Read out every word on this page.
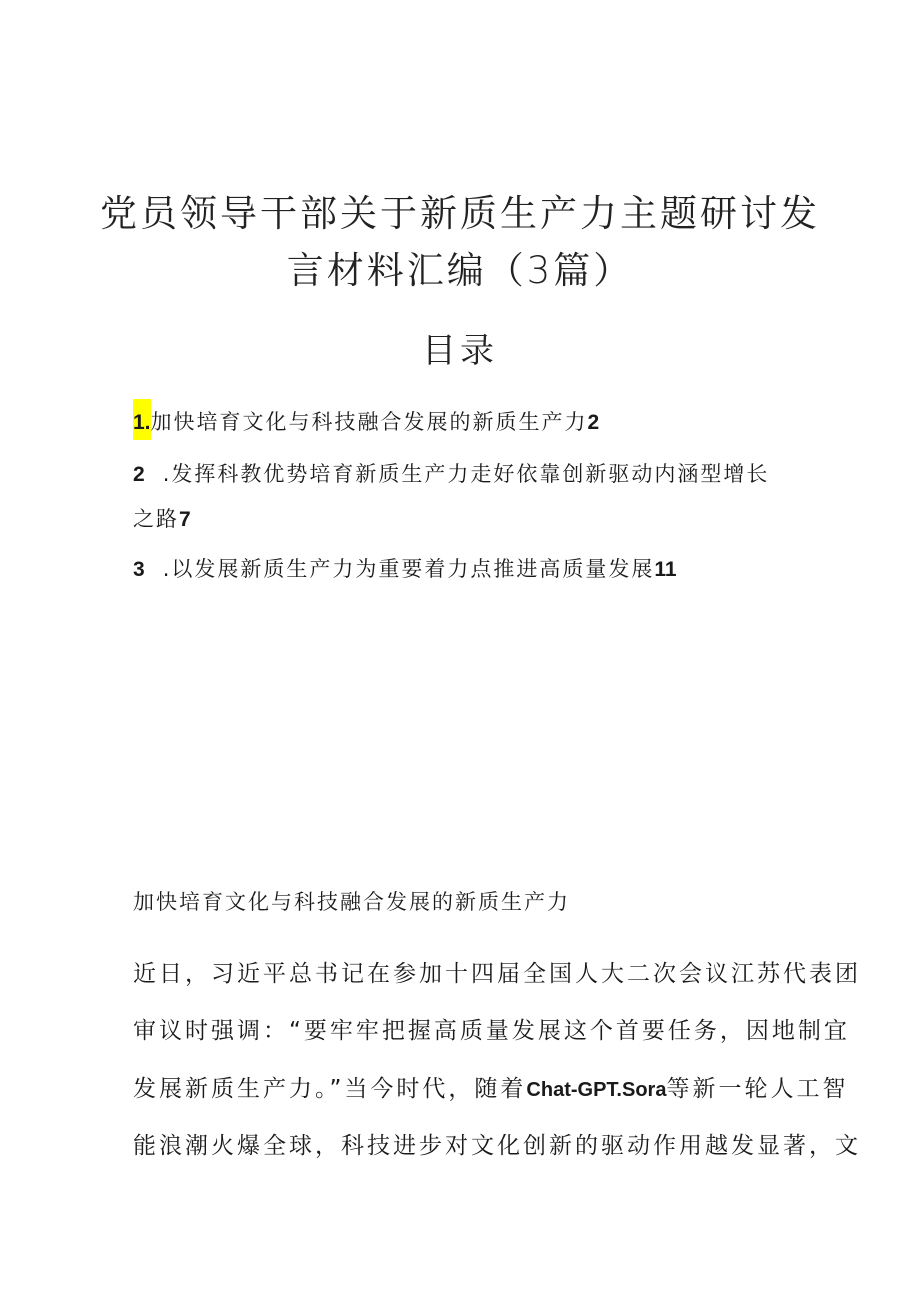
党员领导干部关于新质生产力主题研讨发
言材料汇编（3篇）
目录
1.加快培育文化与科技融合发展的新质生产力2
2 .发挥科教优势培育新质生产力走好依靠创新驱动内涵型增长
之路7
3 .以发展新质生产力为重要着力点推进高质量发展11
加快培育文化与科技融合发展的新质生产力
近日，习近平总书记在参加十四届全国人大二次会议江苏代表团
审议时强调：“要牢牢把握高质量发展这个首要任务，因地制宜
发展新质生产力。”当今时代，随着Chat-GPT.Sora等新一轮人工智
能浪潮火爆全球，科技进步对文化创新的驱动作用越发显著，文
